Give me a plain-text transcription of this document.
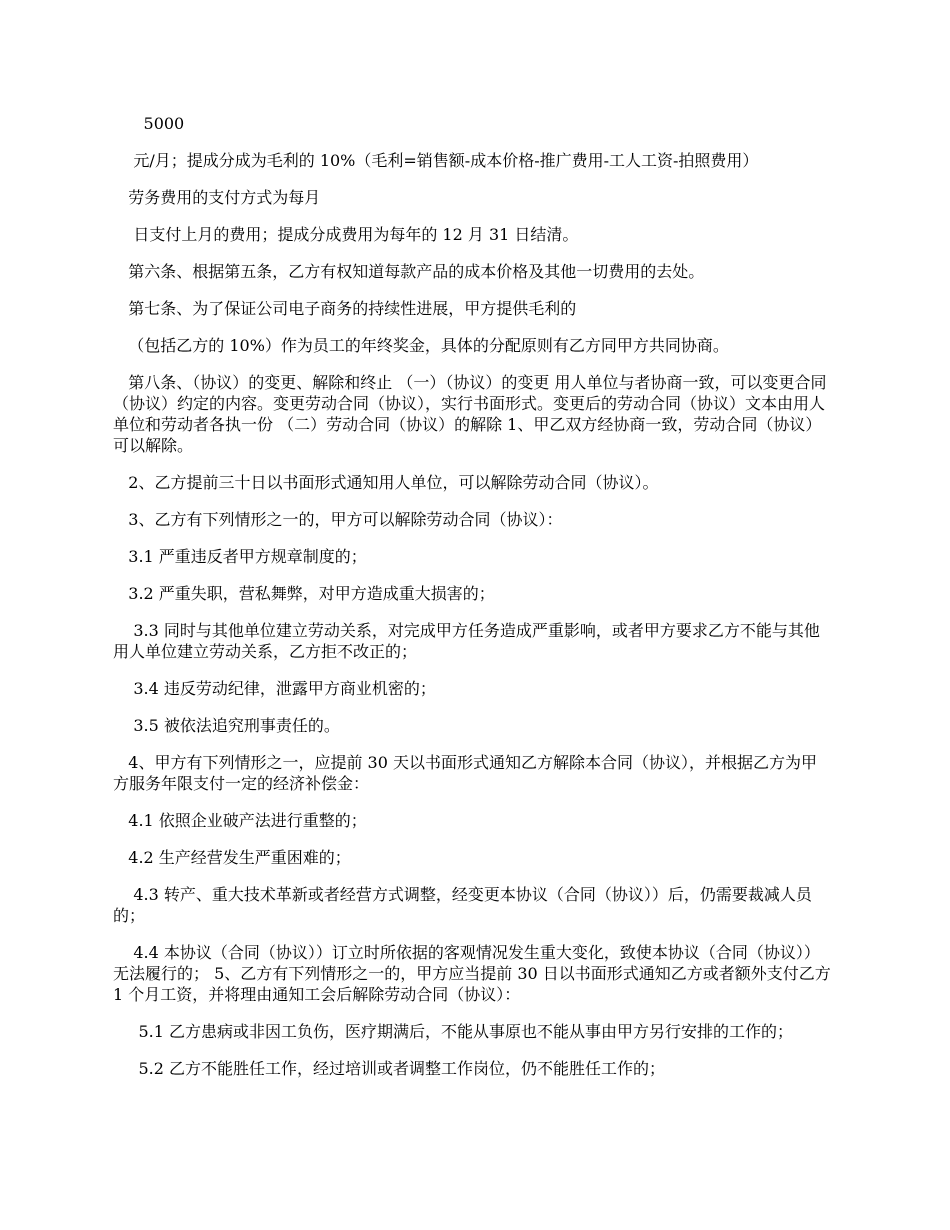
5000

元/月；提成分成为毛利的 10%（毛利=销售额-成本价格-推广费用-工人工资-拍照费用）

劳务费用的支付方式为每月

日支付上月的费用；提成分成费用为每年的 12 月 31 日结清。

第六条、根据第五条，乙方有权知道每款产品的成本价格及其他一切费用的去处。

第七条、为了保证公司电子商务的持续性进展，甲方提供毛利的

（包括乙方的 10%）作为员工的年终奖金，具体的分配原则有乙方同甲方共同协商。

第八条、（协议）的变更、解除和终止 （一）（协议）的变更 用人单位与者协商一致，可以变更合同（协议）约定的内容。变更劳动合同（协议），实行书面形式。变更后的劳动合同（协议）文本由用人单位和劳动者各执一份 （二）劳动合同（协议）的解除 1、甲乙双方经协商一致，劳动合同（协议）可以解除。

2、乙方提前三十日以书面形式通知用人单位，可以解除劳动合同（协议）。

3、乙方有下列情形之一的，甲方可以解除劳动合同（协议）：

3.1 严重违反者甲方规章制度的；

3.2 严重失职，营私舞弊，对甲方造成重大损害的；

3.3 同时与其他单位建立劳动关系，对完成甲方任务造成严重影响，或者甲方要求乙方不能与其他用人单位建立劳动关系，乙方拒不改正的；

3.4 违反劳动纪律，泄露甲方商业机密的；

3.5 被依法追究刑事责任的。

4、甲方有下列情形之一，应提前 30 天以书面形式通知乙方解除本合同（协议），并根据乙方为甲方服务年限支付一定的经济补偿金：

4.1 依照企业破产法进行重整的；

4.2 生产经营发生严重困难的；

4.3 转产、重大技术革新或者经营方式调整，经变更本协议（合同（协议））后，仍需要裁减人员的；

4.4 本协议（合同（协议））订立时所依据的客观情况发生重大变化，致使本协议（合同（协议））无法履行的； 5、乙方有下列情形之一的，甲方应当提前 30 日以书面形式通知乙方或者额外支付乙方 1 个月工资，并将理由通知工会后解除劳动合同（协议）：

5.1 乙方患病或非因工负伤，医疗期满后，不能从事原也不能从事由甲方另行安排的工作的；

5.2 乙方不能胜任工作，经过培训或者调整工作岗位，仍不能胜任工作的；
